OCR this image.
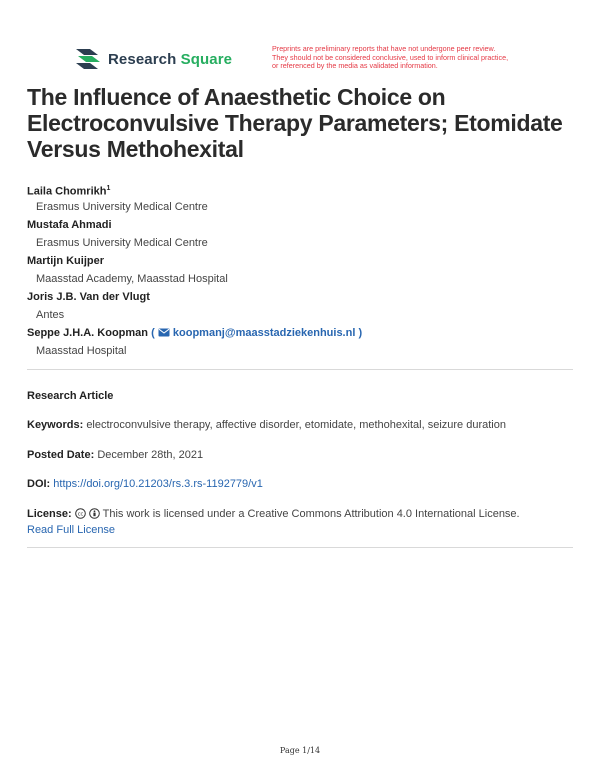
Research Square
Preprints are preliminary reports that have not undergone peer review.
They should not be considered conclusive, used to inform clinical practice,
or referenced by the media as validated information.
The Influence of Anaesthetic Choice on Electroconvulsive Therapy Parameters; Etomidate Versus Methohexital
Laila Chomrikh$^1$
Erasmus University Medical Centre
Mustafa Ahmadi
Erasmus University Medical Centre
Martijn Kuijper
Maasstad Academy, Maasstad Hospital
Joris J.B. Van der Vlugt
Antes
Seppe J.H.A. Koopman (  koopmanj@maasstadziekenhuis.nl )
Maasstad Hospital
Research Article
Keywords: electroconvulsive therapy, affective disorder, etomidate, methohexital, seizure duration
Posted Date: December 28th, 2021
DOI: https://doi.org/10.21203/rs.3.rs-1192779/v1
License: cc This work is licensed under a Creative Commons Attribution 4.0 International License.
Read Full License
Page 1/14
